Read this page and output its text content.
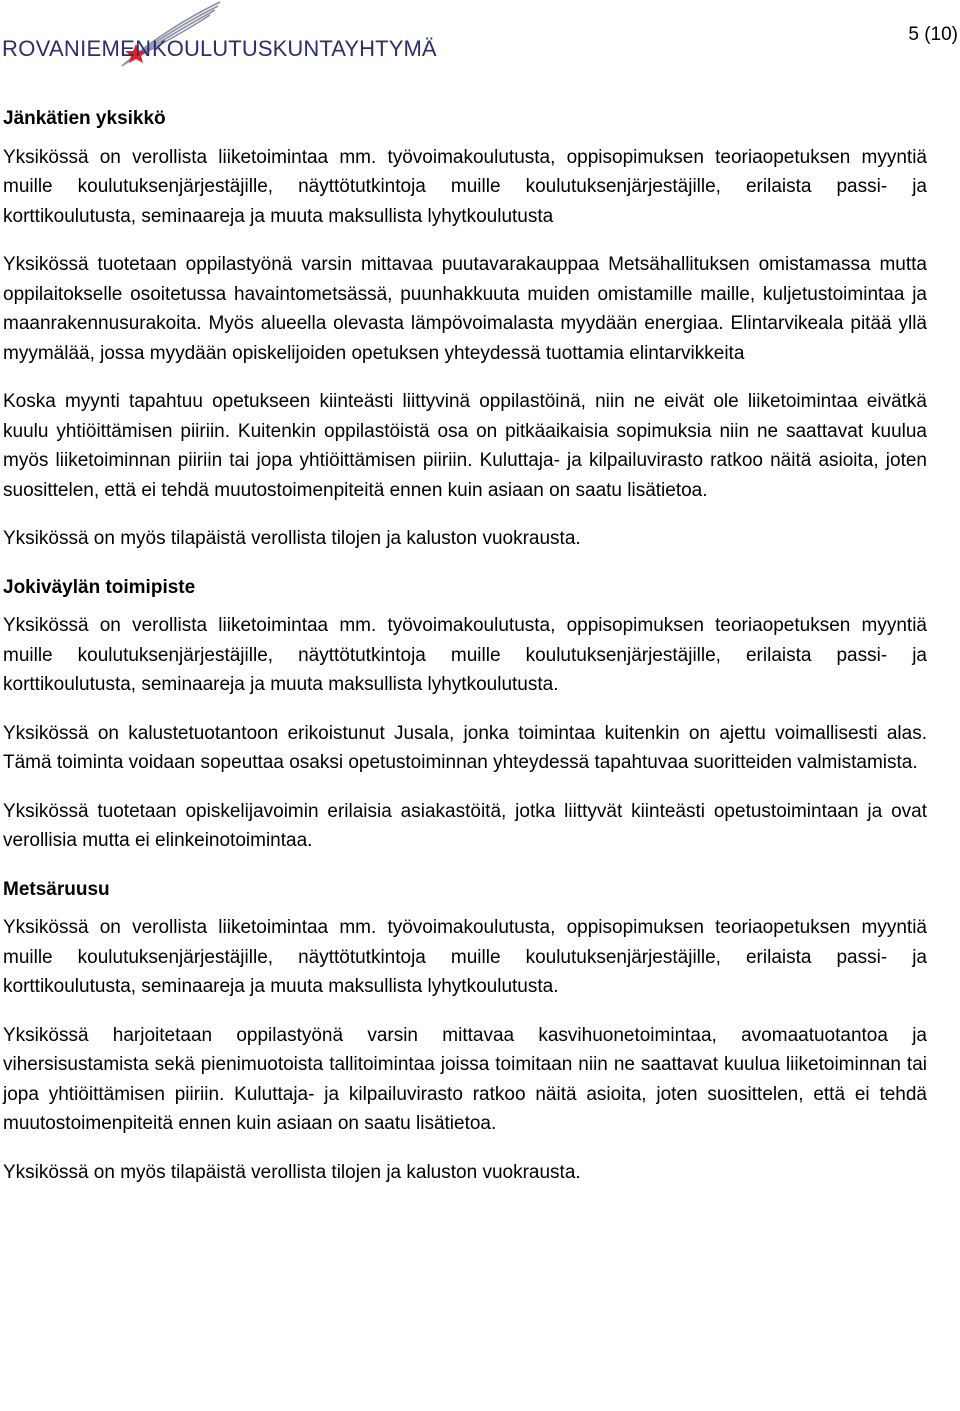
ROVANIEMEN KOULUTUSKUNTAYHTYMÄ
5 (10)
Jänkätien yksikkö

Yksikössä on verollista liiketoimintaa mm. työvoimakoulutusta, oppisopimuksen teoriaopetuksen myyntiä muille koulutuksenjärjestäjille, näyttötutkintoja muille koulutuksenjärjestäjille, erilaista passi- ja korttikoulutusta, seminaareja ja muuta maksullista lyhytkoulutusta

Yksikössä tuotetaan oppilastyönä varsin mittavaa puutavarakauppaa Metsähallituksen omistamassa mutta oppilaitokselle osoitetussa havaintometsässä, puunhakkuuta muiden omistamille maille, kuljetustoimintaa ja maanrakennusurakoita. Myös alueella olevasta lämpövoimalasta myydään energiaa. Elintarvikeala pitää yllä myymälää, jossa myydään opiskelijoiden opetuksen yhteydessä tuottamia elintarvikkeita

Koska myynti tapahtuu opetukseen kiinteästi liittyvinä oppilastöinä, niin ne eivät ole liiketoimintaa eivätkä kuulu yhtiöittämisen piiriin. Kuitenkin oppilastöistä osa on pitkäaikaisia sopimuksia niin ne saattavat kuulua myös liiketoiminnan piiriin tai jopa yhtiöittämisen piiriin. Kuluttaja- ja kilpailuvirasto ratkoo näitä asioita, joten suosittelen, että ei tehdä muutostoimenpiteitä ennen kuin asiaan on saatu lisätietoa.

Yksikössä on myös tilapäistä verollista tilojen ja kaluston vuokrausta.

Jokiväylän toimipiste

Yksikössä on verollista liiketoimintaa mm. työvoimakoulutusta, oppisopimuksen teoriaopetuksen myyntiä muille koulutuksenjärjestäjille, näyttötutkintoja muille koulutuksenjärjestäjille, erilaista passi- ja korttikoulutusta, seminaareja ja muuta maksullista lyhytkoulutusta.

Yksikössä on kalustetuotantoon erikoistunut Jusala, jonka toimintaa kuitenkin on ajettu voimallisesti alas. Tämä toiminta voidaan sopeuttaa osaksi opetustoiminnan yhteydessä tapahtuvaa suoritteiden valmistamista.

Yksikössä tuotetaan opiskelijavoimin erilaisia asiakastöitä, jotka liittyvät kiinteästi opetustoimintaan ja ovat verollisia mutta ei elinkeinotoimintaa.

Metsäruusu

Yksikössä on verollista liiketoimintaa mm. työvoimakoulutusta, oppisopimuksen teoriaopetuksen myyntiä muille koulutuksenjärjestäjille, näyttötutkintoja muille koulutuksenjärjestäjille, erilaista passi- ja korttikoulutusta, seminaareja ja muuta maksullista lyhytkoulutusta.

Yksikössä harjoitetaan oppilastyönä varsin mittavaa kasvihuonetoimintaa, avomaatuotantoa ja vihersisustamista sekä pienimuotoista tallitoimintaa joissa toimitaan niin ne saattavat kuulua liiketoiminnan tai jopa yhtiöittämisen piiriin. Kuluttaja- ja kilpailuvirasto ratkoo näitä asioita, joten suosittelen, että ei tehdä muutostoimenpiteitä ennen kuin asiaan on saatu lisätietoa.

Yksikössä on myös tilapäistä verollista tilojen ja kaluston vuokrausta.
